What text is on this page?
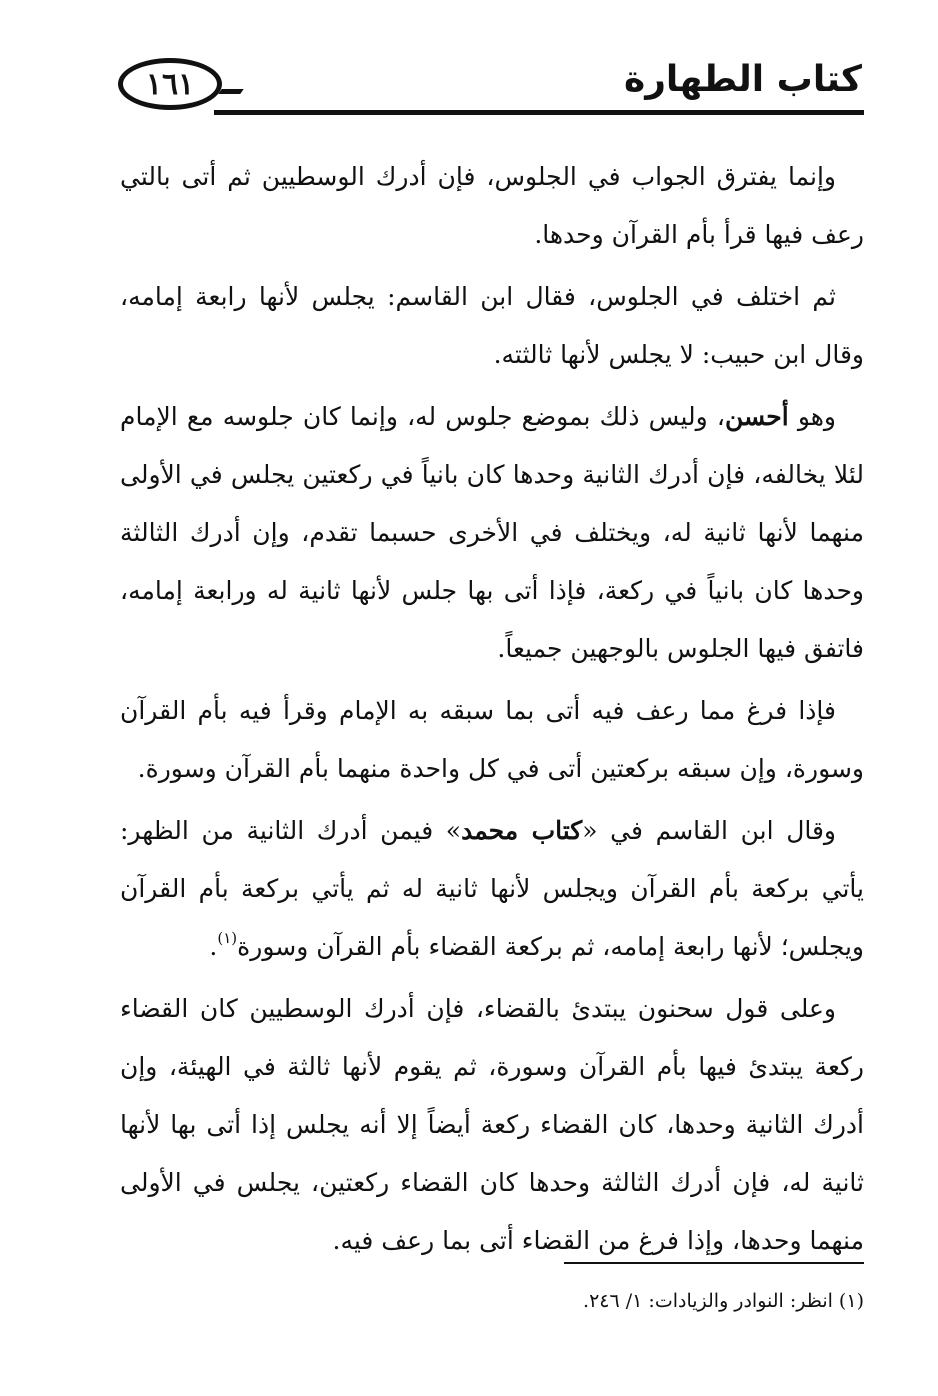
١٦١	كتاب الطهارة

وإنما يفترق الجواب في الجلوس، فإن أدرك الوسطيين ثم أتى بالتي رعف فيها قرأ بأم القرآن وحدها.

ثم اختلف في الجلوس، فقال ابن القاسم: يجلس لأنها رابعة إمامه، وقال ابن حبيب: لا يجلس لأنها ثالثته.

وهو أحسن، وليس ذلك بموضع جلوس له، وإنما كان جلوسه مع الإمام لئلا يخالفه، فإن أدرك الثانية وحدها كان بانياً في ركعتين يجلس في الأولى منهما لأنها ثانية له، ويختلف في الأخرى حسبما تقدم، وإن أدرك الثالثة وحدها كان بانياً في ركعة، فإذا أتى بها جلس لأنها ثانية له ورابعة إمامه، فاتفق فيها الجلوس بالوجهين جميعاً.

فإذا فرغ مما رعف فيه أتى بما سبقه به الإمام وقرأ فيه بأم القرآن وسورة، وإن سبقه بركعتين أتى في كل واحدة منهما بأم القرآن وسورة.

وقال ابن القاسم في «كتاب محمد» فيمن أدرك الثانية من الظهر: يأتي بركعة بأم القرآن ويجلس لأنها ثانية له ثم يأتي بركعة بأم القرآن ويجلس؛ لأنها رابعة إمامه، ثم بركعة القضاء بأم القرآن وسورة$^{(١)}$.

وعلى قول سحنون يبتدئ بالقضاء، فإن أدرك الوسطيين كان القضاء ركعة يبتدئ فيها بأم القرآن وسورة، ثم يقوم لأنها ثالثة في الهيئة، وإن أدرك الثانية وحدها، كان القضاء ركعة أيضاً إلا أنه يجلس إذا أتى بها لأنها ثانية له، فإن أدرك الثالثة وحدها كان القضاء ركعتين، يجلس في الأولى منهما وحدها، وإذا فرغ من القضاء أتى بما رعف فيه.

(١) انظر: النوادر والزيادات: ١/ ٢٤٦.
